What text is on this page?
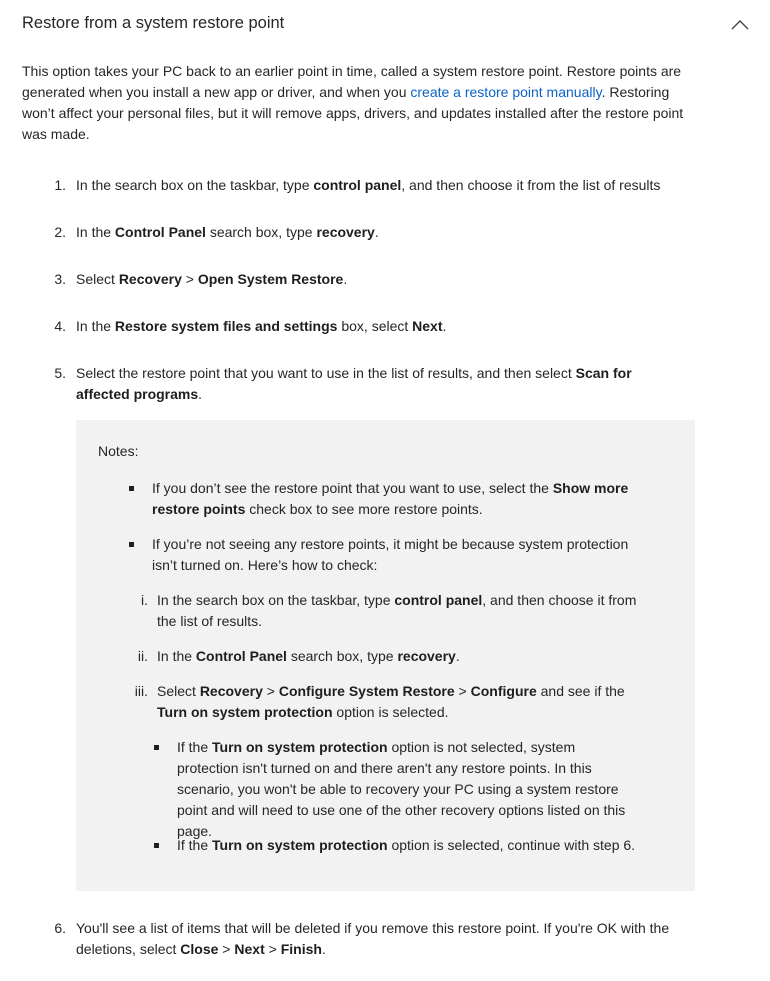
Restore from a system restore point

This option takes your PC back to an earlier point in time, called a system restore point. Restore points are generated when you install a new app or driver, and when you create a restore point manually. Restoring won’t affect your personal files, but it will remove apps, drivers, and updates installed after the restore point was made.

1. In the search box on the taskbar, type control panel, and then choose it from the list of results
2. In the Control Panel search box, type recovery.
3. Select Recovery > Open System Restore.
4. In the Restore system files and settings box, select Next.
5. Select the restore point that you want to use in the list of results, and then select Scan for affected programs.
Notes:
If you don’t see the restore point that you want to use, select the Show more restore points check box to see more restore points.
If you’re not seeing any restore points, it might be because system protection isn’t turned on. Here’s how to check:
i. In the search box on the taskbar, type control panel, and then choose it from the list of results.
ii. In the Control Panel search box, type recovery.
iii. Select Recovery > Configure System Restore > Configure and see if the Turn on system protection option is selected.
If the Turn on system protection option is not selected, system protection isn't turned on and there aren't any restore points. In this scenario, you won't be able to recovery your PC using a system restore point and will need to use one of the other recovery options listed on this page.
If the Turn on system protection option is selected, continue with step 6.
6. You'll see a list of items that will be deleted if you remove this restore point. If you're OK with the deletions, select Close > Next > Finish.
